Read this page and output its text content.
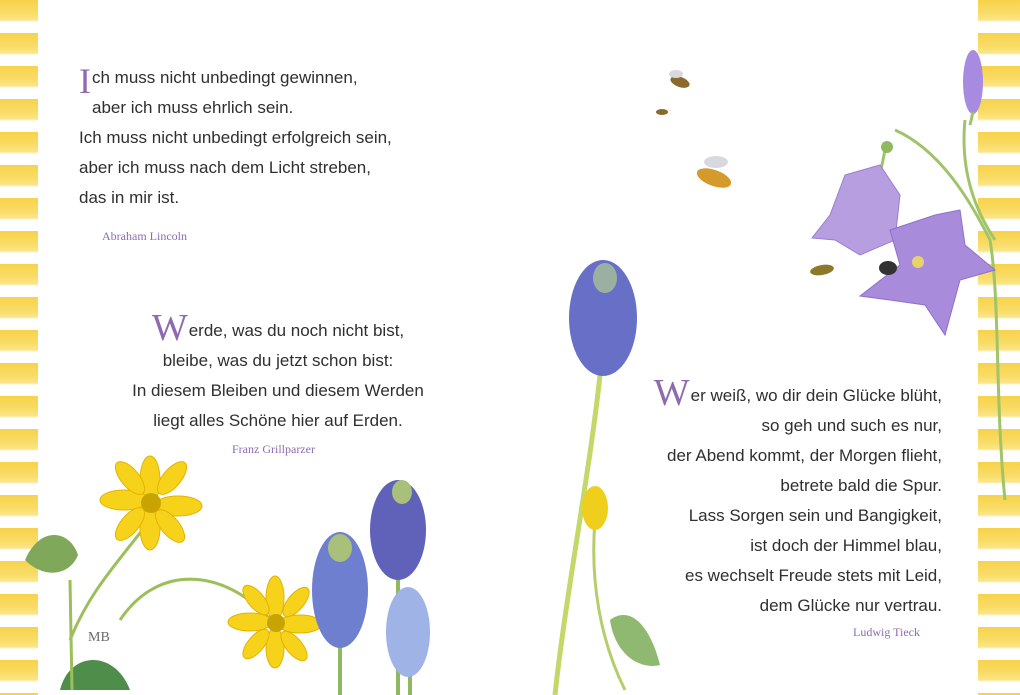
I ch muss nicht unbedingt gewinnen,
aber ich muss ehrlich sein.
Ich muss nicht unbedingt erfolgreich sein,
aber ich muss nach dem Licht streben,
das in mir ist.
Abraham Lincoln
Werde, was du noch nicht bist,
bleibe, was du jetzt schon bist:
In diesem Bleiben und diesem Werden
liegt alles Schöne hier auf Erden.
Franz Grillparzer
Wer weiß, wo dir dein Glücke blüht,
so geh und such es nur,
der Abend kommt, der Morgen flieht,
betrete bald die Spur.
Lass Sorgen sein und Bangigkeit,
ist doch der Himmel blau,
es wechselt Freude stets mit Leid,
dem Glücke nur vertrau.
Ludwig Tieck
MB
